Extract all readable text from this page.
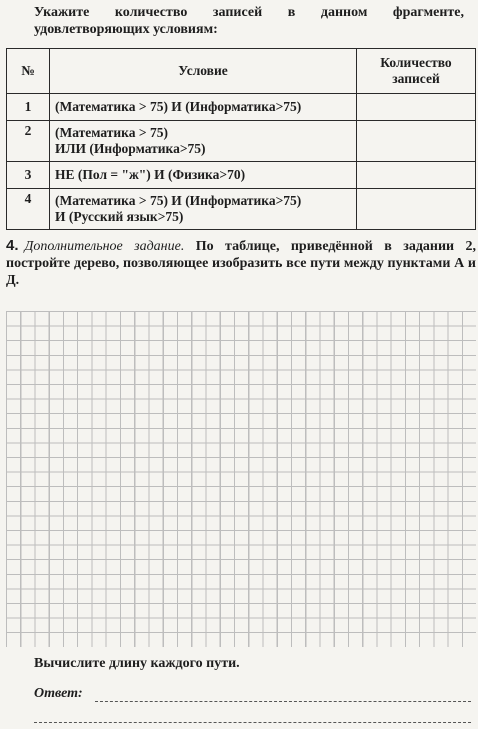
Укажите количество записей в данном фрагменте, удовлетворяющих условиям:
№	Условие	Количество записей
1	(Математика > 75) И (Информатика>75)	
2	(Математика > 75)
ИЛИ (Информатика>75)	
3	НЕ (Пол = "ж") И (Физика>70)	
4	(Математика > 75) И (Информатика>75)
И (Русский язык>75)	
4. Дополнительное задание. По таблице, приведённой в задании 2, постройте дерево, позволяющее изобразить все пути между пунктами А и Д.
Вычислите длину каждого пути.
Ответ:
